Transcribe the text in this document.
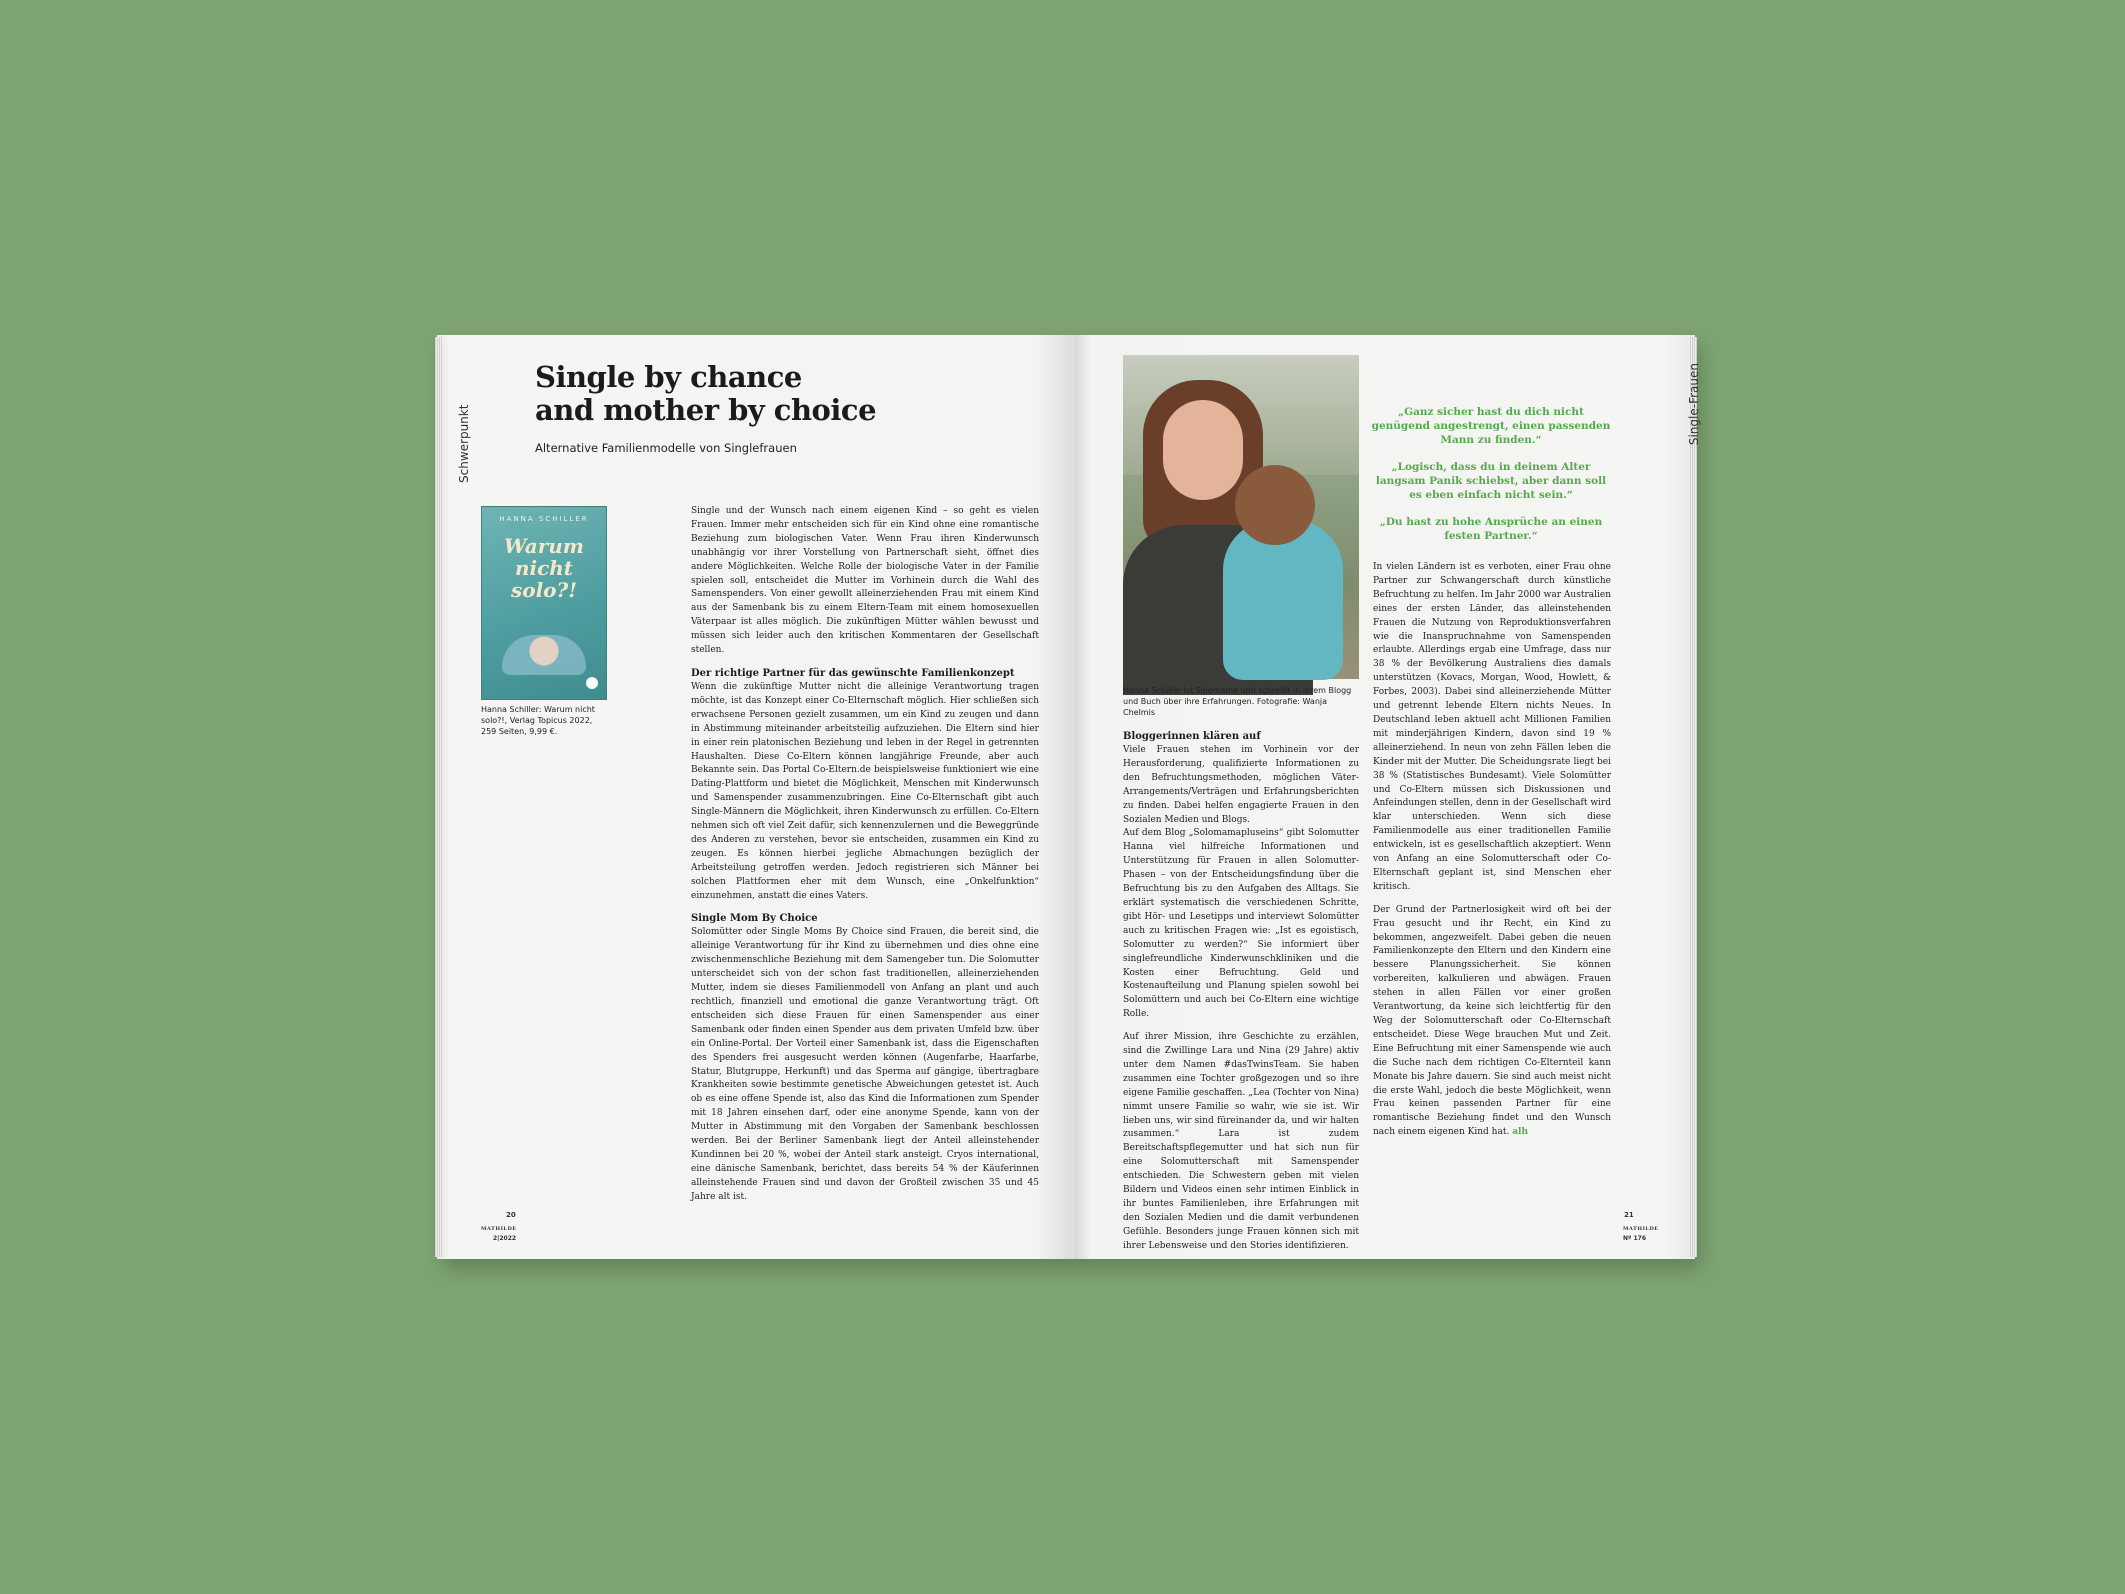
Schwerpunkt
Single by chance
and mother by choice
Alternative Familienmodelle von Singlefrauen
HANNA SCHILLER
Warum nicht solo?!
Hanna Schiller: Warum nicht solo?!, Verlag Topicus 2022, 259 Seiten, 9,99 €.

Single und der Wunsch nach einem eigenen Kind – so geht es vielen Frauen. Immer mehr entscheiden sich für ein Kind ohne eine romantische Beziehung zum biologischen Vater. Wenn Frau ihren Kinderwunsch unabhängig vor ihrer Vorstellung von Partnerschaft sieht, öffnet dies andere Möglichkeiten. Welche Rolle der biologische Vater in der Familie spielen soll, entscheidet die Mutter im Vorhinein durch die Wahl des Samenspenders. Von einer gewollt alleinerziehenden Frau mit einem Kind aus der Samenbank bis zu einem Eltern-Team mit einem homosexuellen Väterpaar ist alles möglich. Die zukünftigen Mütter wählen bewusst und müssen sich leider auch den kritischen Kommentaren der Gesellschaft stellen.

Der richtige Partner für das gewünschte Familienkonzept

Wenn die zukünftige Mutter nicht die alleinige Verantwortung tragen möchte, ist das Konzept einer Co-Elternschaft möglich. Hier schließen sich erwachsene Personen gezielt zusammen, um ein Kind zu zeugen und dann in Abstimmung miteinander arbeitsteilig aufzuziehen. Die Eltern sind hier in einer rein platonischen Beziehung und leben in der Regel in getrennten Haushalten. Diese Co-Eltern können langjährige Freunde, aber auch Bekannte sein. Das Portal Co-Eltern.de beispielsweise funktioniert wie eine Dating-Plattform und bietet die Möglichkeit, Menschen mit Kinderwunsch und Samenspender zusammenzubringen. Eine Co-Elternschaft gibt auch Single-Männern die Möglichkeit, ihren Kinderwunsch zu erfüllen. Co-Eltern nehmen sich oft viel Zeit dafür, sich kennenzulernen und die Beweggründe des Anderen zu verstehen, bevor sie entscheiden, zusammen ein Kind zu zeugen. Es können hierbei jegliche Abmachungen bezüglich der Arbeitsteilung getroffen werden. Jedoch registrieren sich Männer bei solchen Plattformen eher mit dem Wunsch, eine „Onkelfunktion“ einzunehmen, anstatt die eines Vaters.

Single Mom By Choice

Solomütter oder Single Moms By Choice sind Frauen, die bereit sind, die alleinige Verantwortung für ihr Kind zu übernehmen und dies ohne eine zwischenmenschliche Beziehung mit dem Samengeber tun. Die Solomutter unterscheidet sich von der schon fast traditionellen, alleinerziehenden Mutter, indem sie dieses Familienmodell von Anfang an plant und auch rechtlich, finanziell und emotional die ganze Verantwortung trägt. Oft entscheiden sich diese Frauen für einen Samenspender aus einer Samenbank oder finden einen Spender aus dem privaten Umfeld bzw. über ein Online-Portal. Der Vorteil einer Samenbank ist, dass die Eigenschaften des Spenders frei ausgesucht werden können (Augenfarbe, Haarfarbe, Statur, Blutgruppe, Herkunft) und das Sperma auf gängige, übertragbare Krankheiten sowie bestimmte genetische Abweichungen getestet ist. Auch ob es eine offene Spende ist, also das Kind die Informationen zum Spender mit 18 Jahren einsehen darf, oder eine anonyme Spende, kann von der Mutter in Abstimmung mit den Vorgaben der Samenbank beschlossen werden. Bei der Berliner Samenbank liegt der Anteil alleinstehender Kundinnen bei 20 %, wobei der Anteil stark ansteigt. Cryos international, eine dänische Samenbank, berichtet, dass bereits 54 % der Käuferinnen alleinstehende Frauen sind und davon der Großteil zwischen 35 und 45 Jahre alt ist.

20
MATHILDE
2|2022
Single-Frauen
Hanna Schiller ist Solomama und schreibt in ihrem Blogg und Buch über ihre Erfahrungen. Fotografie: Wanja Chelmis

Bloggerinnen klären auf

Viele Frauen stehen im Vorhinein vor der Herausforderung, qualifizierte Informationen zu den Befruchtungsmethoden, möglichen Väter-Arrangements/Verträgen und Erfahrungsberichten zu finden. Dabei helfen engagierte Frauen in den Sozialen Medien und Blogs.

Auf dem Blog „Solomamapluseins“ gibt Solomutter Hanna viel hilfreiche Informationen und Unterstützung für Frauen in allen Solomutter-Phasen – von der Entscheidungsfindung über die Befruchtung bis zu den Aufgaben des Alltags. Sie erklärt systematisch die verschiedenen Schritte, gibt Hör- und Lesetipps und interviewt Solomütter auch zu kritischen Fragen wie: „Ist es egoistisch, Solomutter zu werden?“ Sie informiert über singlefreundliche Kinderwunschkliniken und die Kosten einer Befruchtung. Geld und Kostenaufteilung und Planung spielen sowohl bei Solomüttern und auch bei Co-Eltern eine wichtige Rolle.

Auf ihrer Mission, ihre Geschichte zu erzählen, sind die Zwillinge Lara und Nina (29 Jahre) aktiv unter dem Namen #dasTwinsTeam. Sie haben zusammen eine Tochter großgezogen und so ihre eigene Familie geschaffen. „Lea (Tochter von Nina) nimmt unsere Familie so wahr, wie sie ist. Wir lieben uns, wir sind füreinander da, und wir halten zusammen.“ Lara ist zudem Bereitschaftspflegemutter und hat sich nun für eine Solomutterschaft mit Samenspender entschieden. Die Schwestern geben mit vielen Bildern und Videos einen sehr intimen Einblick in ihr buntes Familienleben, ihre Erfahrungen mit den Sozialen Medien und die damit verbundenen Gefühle. Besonders junge Frauen können sich mit ihrer Lebensweise und den Stories identifizieren.

„Ganz sicher hast du dich nicht genügend angestrengt, einen passenden Mann zu finden.“

„Logisch, dass du in deinem Alter langsam Panik schiebst, aber dann soll es eben einfach nicht sein.“

„Du hast zu hohe Ansprüche an einen festen Partner.“

In vielen Ländern ist es verboten, einer Frau ohne Partner zur Schwangerschaft durch künstliche Befruchtung zu helfen. Im Jahr 2000 war Australien eines der ersten Länder, das alleinstehenden Frauen die Nutzung von Reproduktionsverfahren wie die Inanspruchnahme von Samenspenden erlaubte. Allerdings ergab eine Umfrage, dass nur 38 % der Bevölkerung Australiens dies damals unterstützen (Kovacs, Morgan, Wood, Howlett, & Forbes, 2003). Dabei sind alleinerziehende Mütter und getrennt lebende Eltern nichts Neues. In Deutschland leben aktuell acht Millionen Familien mit minderjährigen Kindern, davon sind 19 % alleinerziehend. In neun von zehn Fällen leben die Kinder mit der Mutter. Die Scheidungsrate liegt bei 38 % (Statistisches Bundesamt). Viele Solomütter und Co-Eltern müssen sich Diskussionen und Anfeindungen stellen, denn in der Gesellschaft wird klar unterschieden. Wenn sich diese Familienmodelle aus einer traditionellen Familie entwickeln, ist es gesellschaftlich akzeptiert. Wenn von Anfang an eine Solomutterschaft oder Co-Elternschaft geplant ist, sind Menschen eher kritisch.

Der Grund der Partnerlosigkeit wird oft bei der Frau gesucht und ihr Recht, ein Kind zu bekommen, angezweifelt. Dabei geben die neuen Familienkonzepte den Eltern und den Kindern eine bessere Planungssicherheit. Sie können vorbereiten, kalkulieren und abwägen. Frauen stehen in allen Fällen vor einer großen Verantwortung, da keine sich leichtfertig für den Weg der Solomutterschaft oder Co-Elternschaft entscheidet. Diese Wege brauchen Mut und Zeit. Eine Befruchtung mit einer Samenspende wie auch die Suche nach dem richtigen Co-Elternteil kann Monate bis Jahre dauern. Sie sind auch meist nicht die erste Wahl, jedoch die beste Möglichkeit, wenn Frau keinen passenden Partner für eine romantische Beziehung findet und den Wunsch nach einem eigenen Kind hat. alh

21
MATHILDE
Nº 176
